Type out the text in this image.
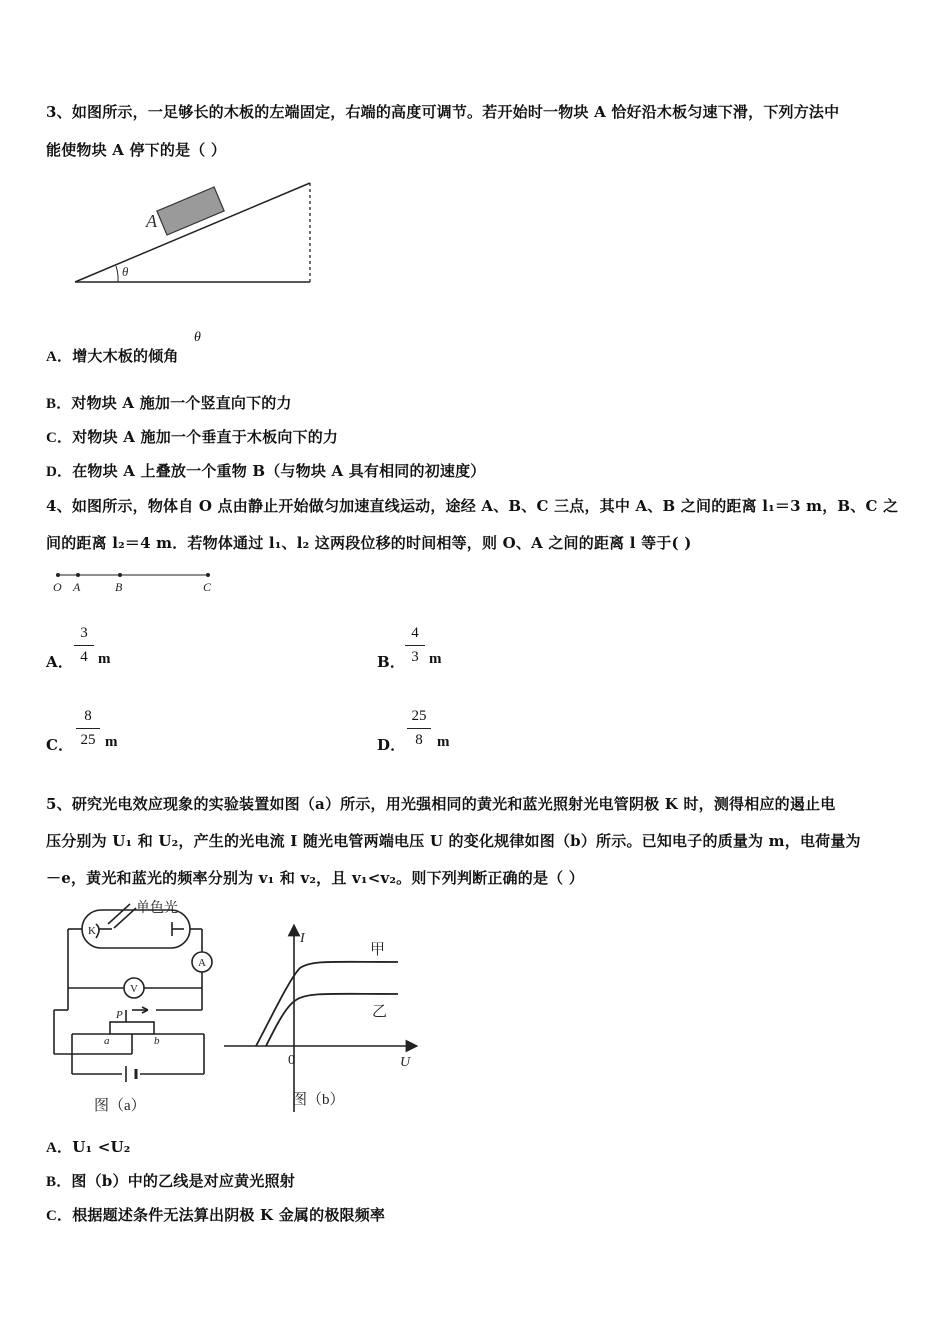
3、如图所示，一足够长的木板的左端固定，右端的高度可调节。若开始时一物块 A 恰好沿木板匀速下滑，下列方法中
能使物块 A 停下的是（ ）
A
θ
A．增大木板的倾角
θ
B．对物块 A 施加一个竖直向下的力
C．对物块 A 施加一个垂直于木板向下的力
D．在物块 A 上叠放一个重物 B（与物块 A 具有相同的初速度）
4、如图所示，物体自 O 点由静止开始做匀加速直线运动，途经 A、B、C 三点，其中 A、B 之间的距离 l₁＝3 m，B、C 之
间的距离 l₂＝4 m．若物体通过 l₁、l₂ 这两段位移的时间相等，则 O、A 之间的距离 l 等于( )
O A	B	C
A．
3
4 m	B．
4
3 m
C．
8
25 m	D．
25
8 m
5、研究光电效应现象的实验装置如图（a）所示，用光强相同的黄光和蓝光照射光电管阴极 K 时，测得相应的遏止电
压分别为 U₁ 和 U₂，产生的光电流 I 随光电管两端电压 U 的变化规律如图（b）所示。已知电子的质量为 m，电荷量为
－e，黄光和蓝光的频率分别为 v₁ 和 v₂，且 v₁<v₂。则下列判断正确的是（ ）
单色光
K
A
V
P
a	b
图（a）
I
U
0
甲
乙
图（b）
A．U₁ <U₂
B．图（b）中的乙线是对应黄光照射
C．根据题述条件无法算出阴极 K 金属的极限频率
